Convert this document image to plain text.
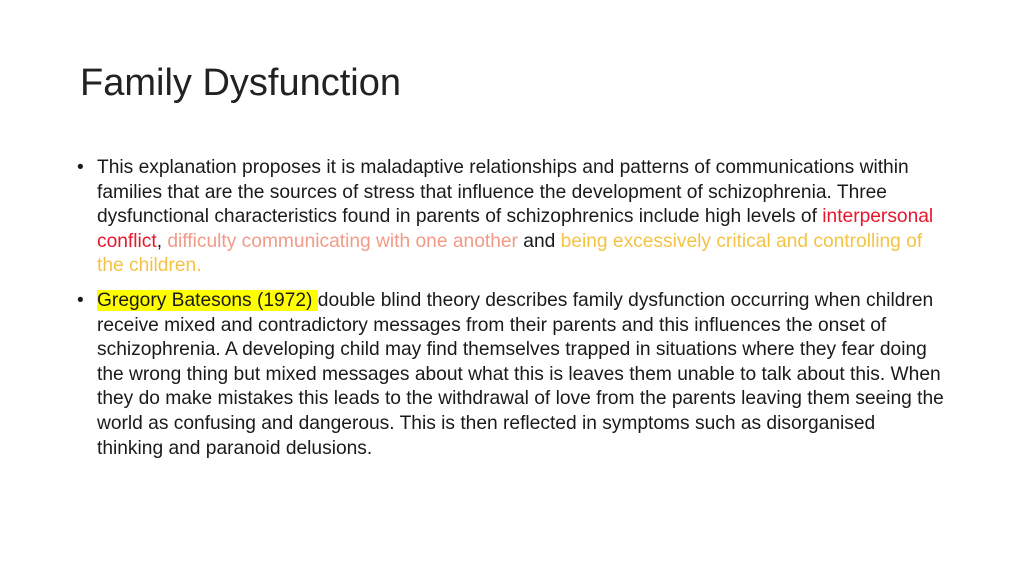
Family Dysfunction
• This explanation proposes it is maladaptive relationships and patterns of communications within families that are the sources of stress that influence the development of schizophrenia. Three dysfunctional characteristics found in parents of schizophrenics include high levels of interpersonal conflict, difficulty communicating with one another and being excessively critical and controlling of the children.
• Gregory Batesons (1972) double blind theory describes family dysfunction occurring when children receive mixed and contradictory messages from their parents and this influences the onset of schizophrenia. A developing child may find themselves trapped in situations where they fear doing the wrong thing but mixed messages about what this is leaves them unable to talk about this. When they do make mistakes this leads to the withdrawal of love from the parents leaving them seeing the world as confusing and dangerous. This is then reflected in symptoms such as disorganised thinking and paranoid delusions.
